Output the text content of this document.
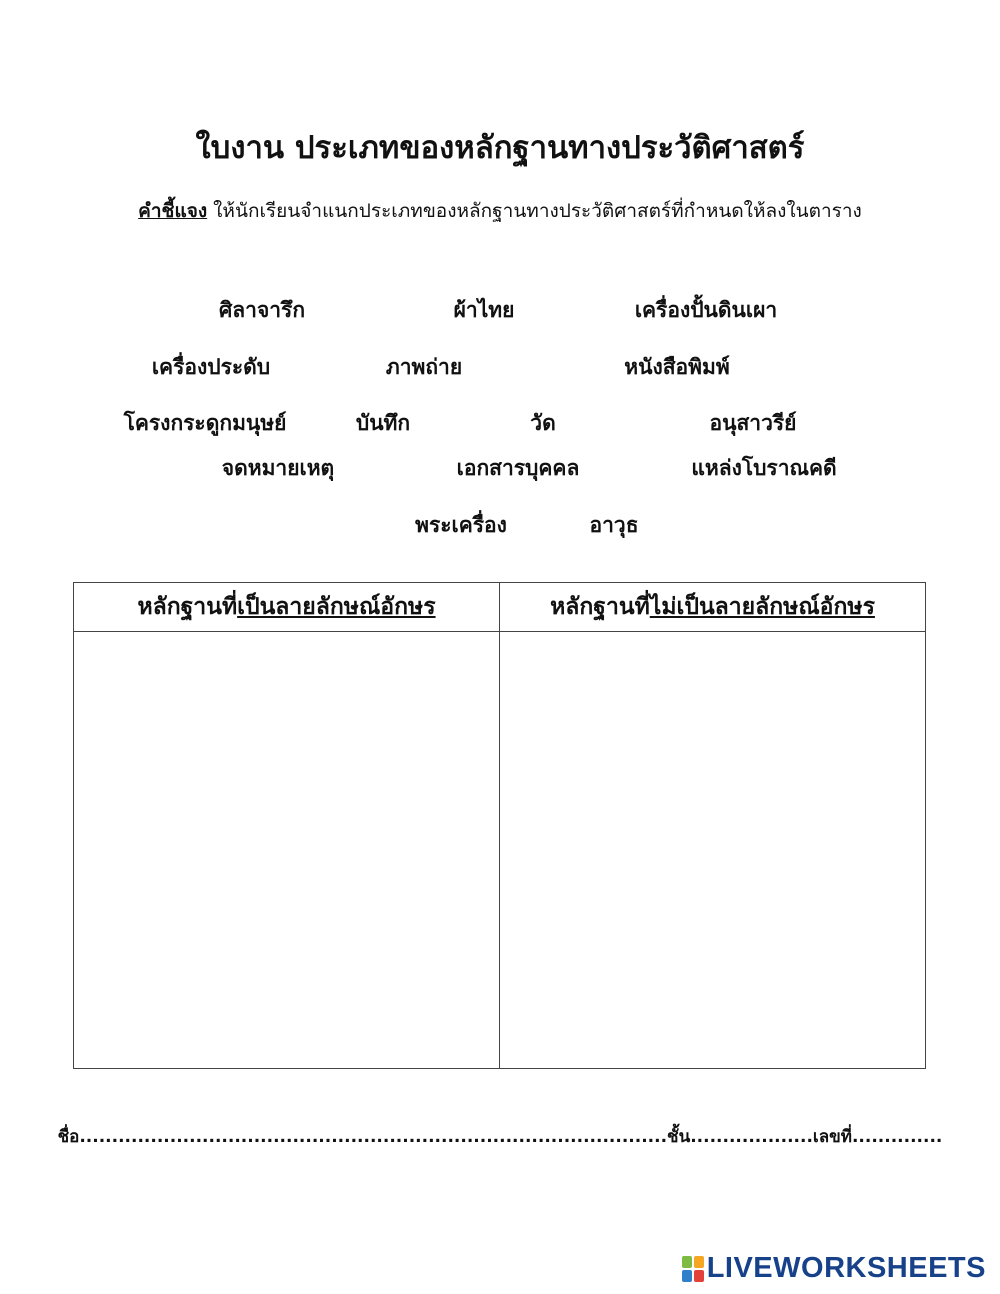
ใบงาน ประเภทของหลักฐานทางประวัติศาสตร์
คำชี้แจง ให้นักเรียนจำแนกประเภทของหลักฐานทางประวัติศาสตร์ที่กำหนดให้ลงในตาราง
ศิลาจารึก	ผ้าไทย	เครื่องปั้นดินเผา
เครื่องประดับ	ภาพถ่าย	หนังสือพิมพ์
โครงกระดูกมนุษย์	บันทึก	วัด	อนุสาวรีย์
จดหมายเหตุ	เอกสารบุคคล	แหล่งโบราณคดี
พระเครื่อง	อาวุธ
หลักฐานที่ เป็นลายลักษณ์อักษร	หลักฐานที่ ไม่เป็นลายลักษณ์อักษร
ชื่อ...........................................................................................ชั้น...................เลขที่..............
LIVEWORKSHEETS
